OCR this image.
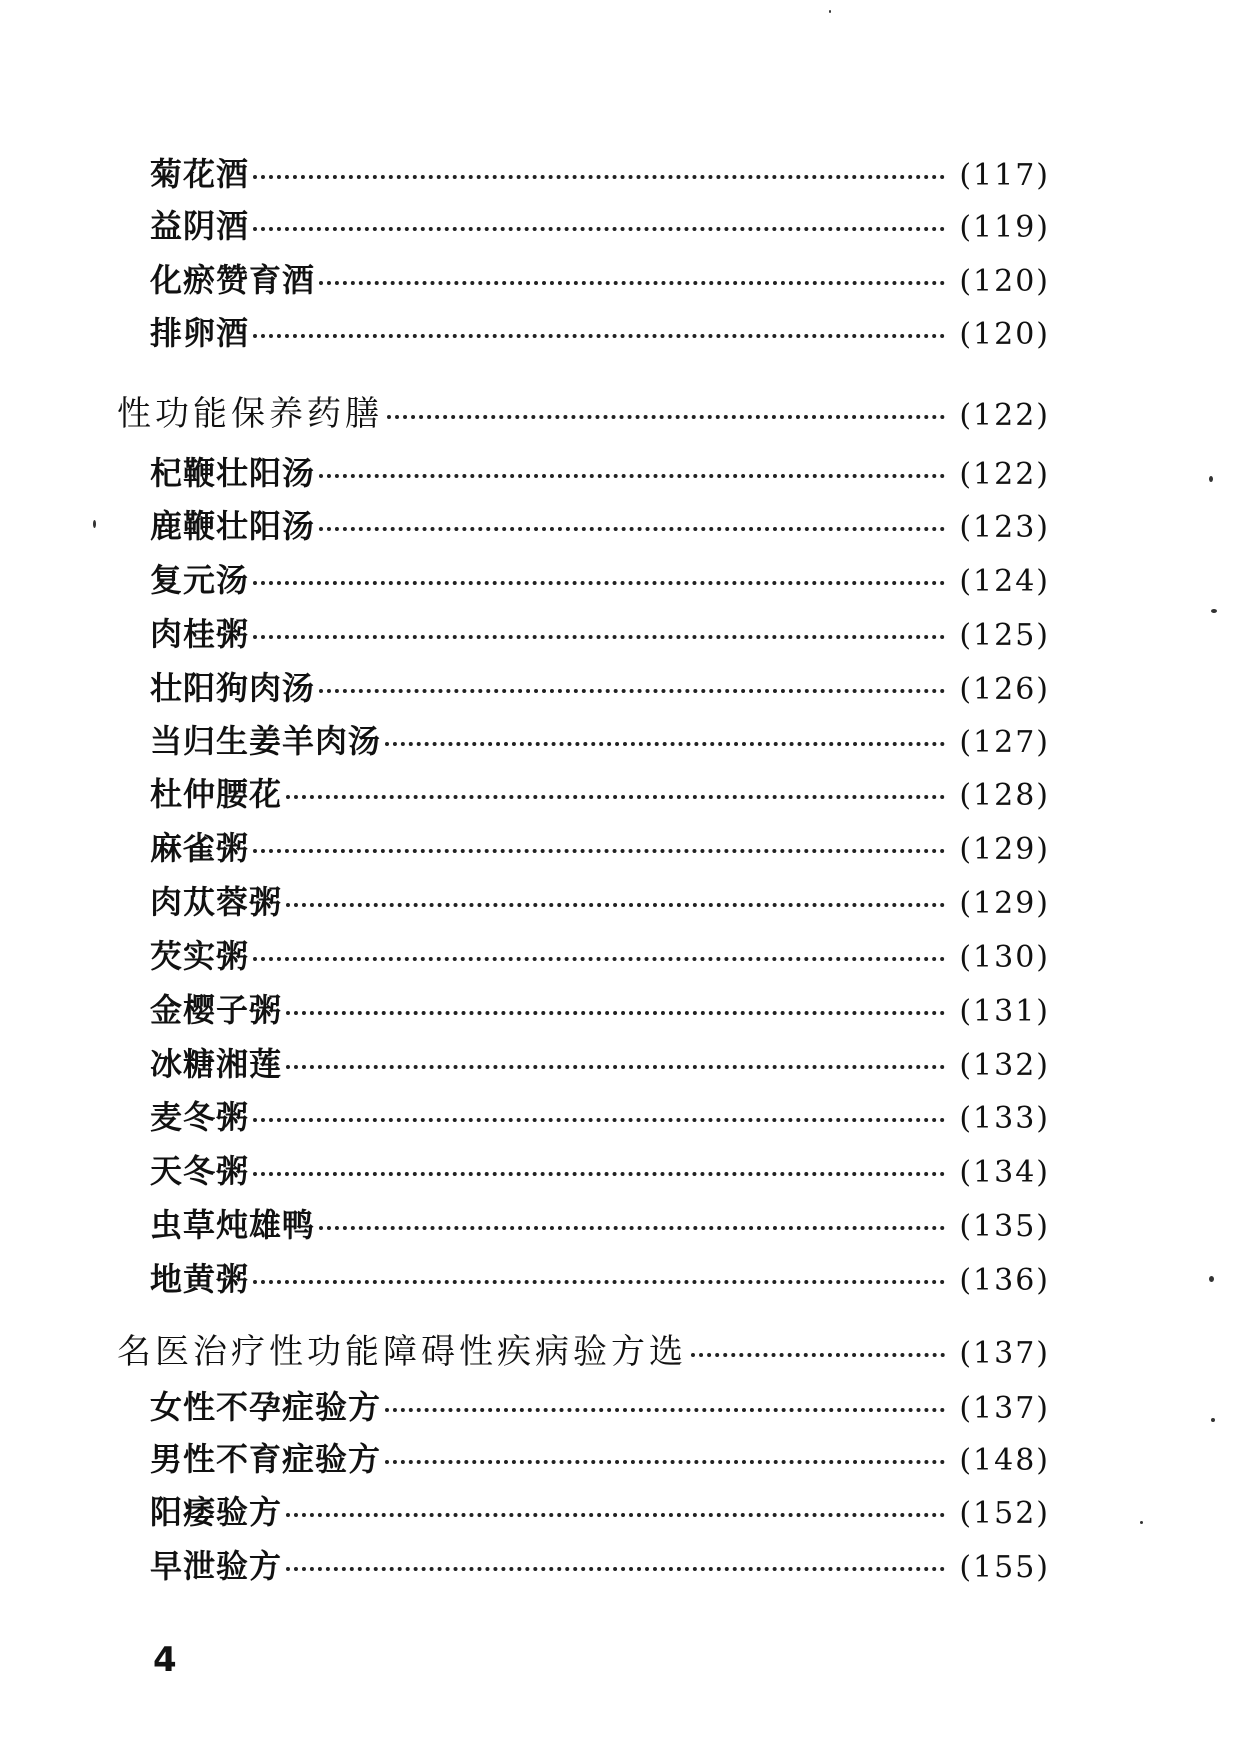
菊花酒	(117)
益阴酒	(119)
化瘀赞育酒	(120)
排卵酒	(120)
性功能保养药膳	(122)
杞鞭壮阳汤	(122)
鹿鞭壮阳汤	(123)
复元汤	(124)
肉桂粥	(125)
壮阳狗肉汤	(126)
当归生姜羊肉汤	(127)
杜仲腰花	(128)
麻雀粥	(129)
肉苁蓉粥	(129)
芡实粥	(130)
金樱子粥	(131)
冰糖湘莲	(132)
麦冬粥	(133)
天冬粥	(134)
虫草炖雄鸭	(135)
地黄粥	(136)
名医治疗性功能障碍性疾病验方选	(137)
女性不孕症验方	(137)
男性不育症验方	(148)
阳痿验方	(152)
早泄验方	(155)
4
